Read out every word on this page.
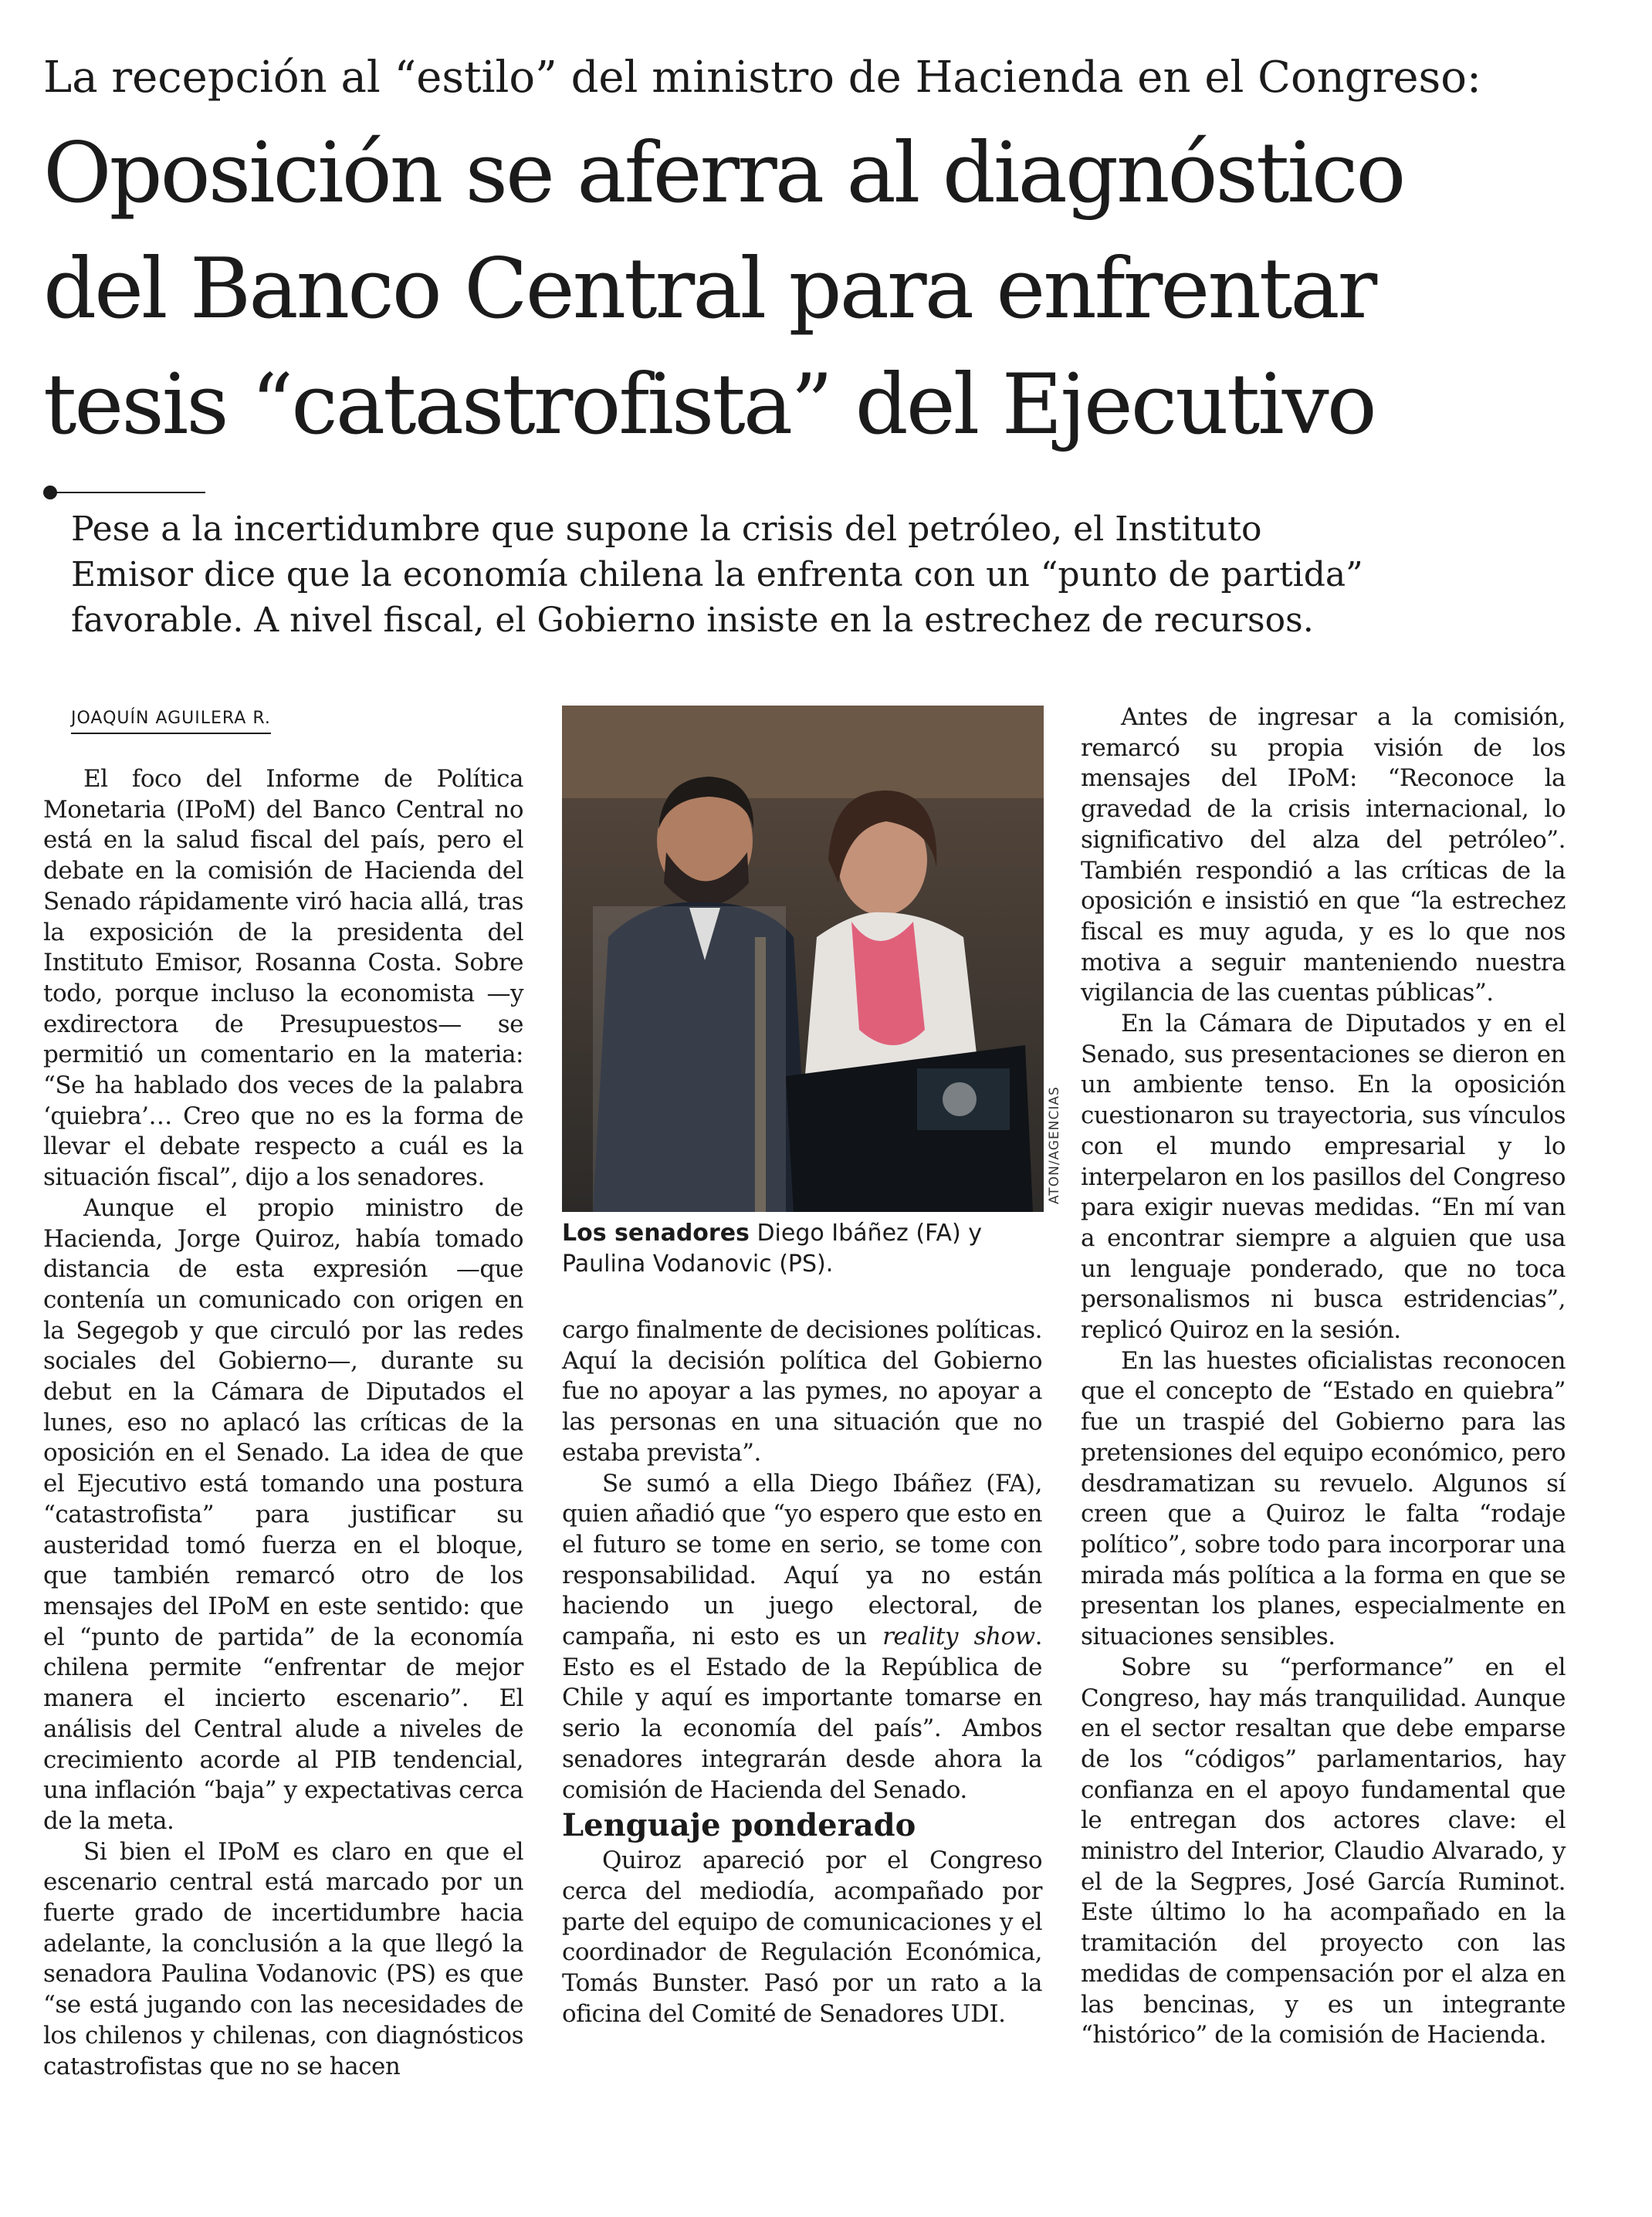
La recepción al “estilo” del ministro de Hacienda en el Congreso:
Oposición se aferra al diagnóstico
del Banco Central para enfrentar
tesis “catastrofista” del Ejecutivo
Pese a la incertidumbre que supone la crisis del petróleo, el Instituto
Emisor dice que la economía chilena la enfrenta con un “punto de partida”
favorable. A nivel fiscal, el Gobierno insiste en la estrechez de recursos.
JOAQUÍN AGUILERA R.

El foco del Informe de Política Monetaria (IPoM) del Banco Central no está en la salud fiscal del país, pero el debate en la comisión de Hacienda del Senado rápidamente viró hacia allá, tras la exposición de la presidenta del Instituto Emisor, Rosanna Costa. Sobre todo, porque incluso la economista —y exdirectora de Presupuestos— se permitió un comentario en la materia: “Se ha hablado dos veces de la palabra ‘quiebra’… Creo que no es la forma de llevar el debate respecto a cuál es la situación fiscal”, dijo a los senadores.

Aunque el propio ministro de Hacienda, Jorge Quiroz, había tomado distancia de esta expresión —que contenía un comunicado con origen en la Segegob y que circuló por las redes sociales del Gobierno—, durante su debut en la Cámara de Diputados el lunes, eso no aplacó las críticas de la oposición en el Senado. La idea de que el Ejecutivo está tomando una postura “catastrofista” para justificar su austeridad tomó fuerza en el bloque, que también remarcó otro de los mensajes del IPoM en este sentido: que el “punto de partida” de la economía chilena permite “enfrentar de mejor manera el incierto escenario”. El análisis del Central alude a niveles de crecimiento acorde al PIB tendencial, una inflación “baja” y expectativas cerca de la meta.

Si bien el IPoM es claro en que el escenario central está marcado por un fuerte grado de incertidumbre hacia adelante, la conclusión a la que llegó la senadora Paulina Vodanovic (PS) es que “se está jugando con las necesidades de los chilenos y chilenas, con diagnósticos catastrofistas que no se hacen

ATON/AGENCIAS
Los senadores Diego Ibáñez (FA) y Paulina Vodanovic (PS).

cargo finalmente de decisiones políticas. Aquí la decisión política del Gobierno fue no apoyar a las pymes, no apoyar a las personas en una situación que no estaba prevista”.

Se sumó a ella Diego Ibáñez (FA), quien añadió que “yo espero que esto en el futuro se tome en serio, se tome con responsabilidad. Aquí ya no están haciendo un juego electoral, de campaña, ni esto es un reality show. Esto es el Estado de la República de Chile y aquí es importante tomarse en serio la economía del país”. Ambos senadores integrarán desde ahora la comisión de Hacienda del Senado.

Lenguaje ponderado

Quiroz apareció por el Congreso cerca del mediodía, acompañado por parte del equipo de comunicaciones y el coordinador de Regulación Económica, Tomás Bunster. Pasó por un rato a la oficina del Comité de Senadores UDI.

Antes de ingresar a la comisión, remarcó su propia visión de los mensajes del IPoM: “Reconoce la gravedad de la crisis internacional, lo significativo del alza del petróleo”. También respondió a las críticas de la oposición e insistió en que “la estrechez fiscal es muy aguda, y es lo que nos motiva a seguir manteniendo nuestra vigilancia de las cuentas públicas”.

En la Cámara de Diputados y en el Senado, sus presentaciones se dieron en un ambiente tenso. En la oposición cuestionaron su trayectoria, sus vínculos con el mundo empresarial y lo interpelaron en los pasillos del Congreso para exigir nuevas medidas. “En mí van a encontrar siempre a alguien que usa un lenguaje ponderado, que no toca personalismos ni busca estridencias”, replicó Quiroz en la sesión.

En las huestes oficialistas reconocen que el concepto de “Estado en quiebra” fue un traspié del Gobierno para las pretensiones del equipo económico, pero desdramatizan su revuelo. Algunos sí creen que a Quiroz le falta “rodaje político”, sobre todo para incorporar una mirada más política a la forma en que se presentan los planes, especialmente en situaciones sensibles.

Sobre su “performance” en el Congreso, hay más tranquilidad. Aunque en el sector resaltan que debe emparse de los “códigos” parlamentarios, hay confianza en el apoyo fundamental que le entregan dos actores clave: el ministro del Interior, Claudio Alvarado, y el de la Segpres, José García Ruminot. Este último lo ha acompañado en la tramitación del proyecto con las medidas de compensación por el alza en las bencinas, y es un integrante “histórico” de la comisión de Hacienda.
